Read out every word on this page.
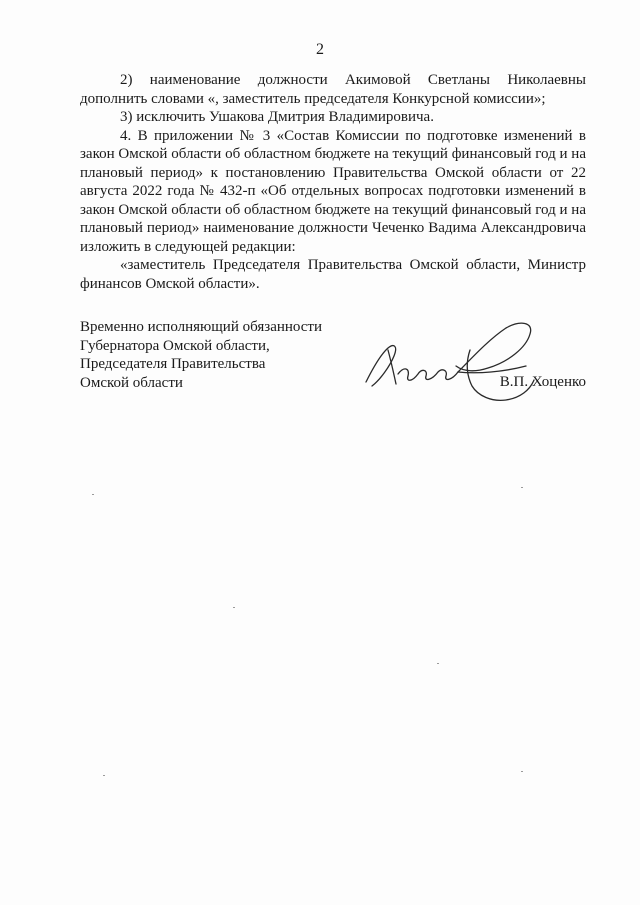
2

2) наименование должности Акимовой Светланы Николаевны дополнить словами «, заместитель председателя Конкурсной комиссии»;

3) исключить Ушакова Дмитрия Владимировича.

4. В приложении № 3 «Состав Комиссии по подготовке изменений в закон Омской области об областном бюджете на текущий финансовый год и на плановый период» к постановлению Правительства Омской области от 22 августа 2022 года № 432-п «Об отдельных вопросах подготовки изменений в закон Омской области об областном бюджете на текущий финансовый год и на плановый период» наименование должности Чеченко Вадима Александровича изложить в следующей редакции:

«заместитель Председателя Правительства Омской области, Министр финансов Омской области».

Временно исполняющий обязанности
Губернатора Омской области,
Председателя Правительства
Омской области	В.П. Хоценко
